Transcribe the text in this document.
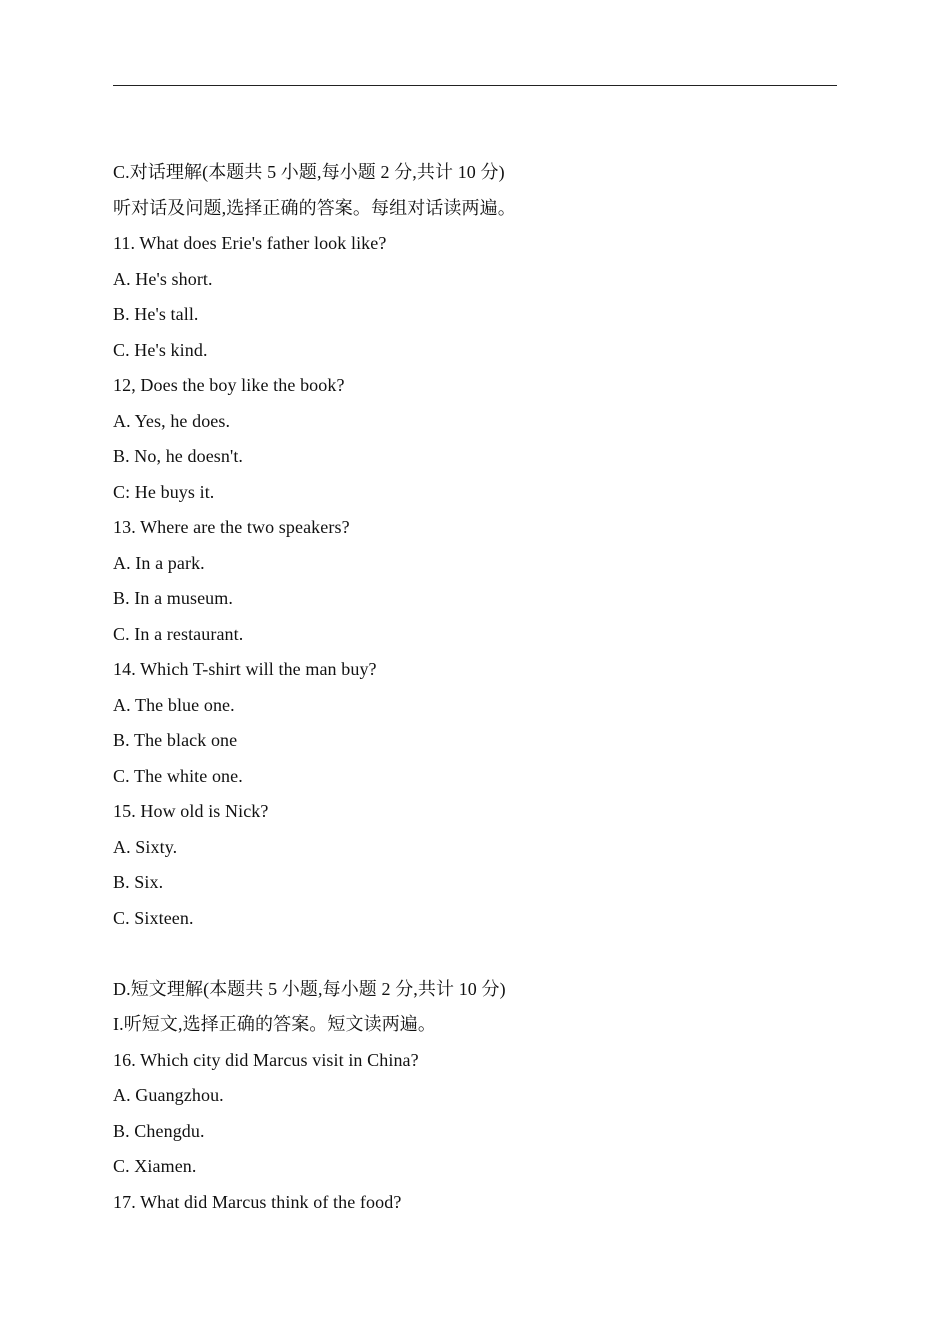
C.对话理解(本题共 5 小题,每小题 2 分,共计 10 分)
听对话及问题,选择正确的答案。每组对话读两遍。
11. What does Erie's father look like?
A. He's short.
B. He's tall.
C. He's kind.
12, Does the boy like the book?
A. Yes, he does.
B. No, he doesn't.
C: He buys it.
13. Where are the two speakers?
A. In a park.
B. In a museum.
C. In a restaurant.
14. Which T-shirt will the man buy?
A. The blue one.
B. The black one
C. The white one.
15. How old is Nick?
A. Sixty.
B. Six.
C. Sixteen.
D.短文理解(本题共 5 小题,每小题 2 分,共计 10 分)
I.听短文,选择正确的答案。短文读两遍。
16. Which city did Marcus visit in China?
A. Guangzhou.
B. Chengdu.
C. Xiamen.
17. What did Marcus think of the food?
